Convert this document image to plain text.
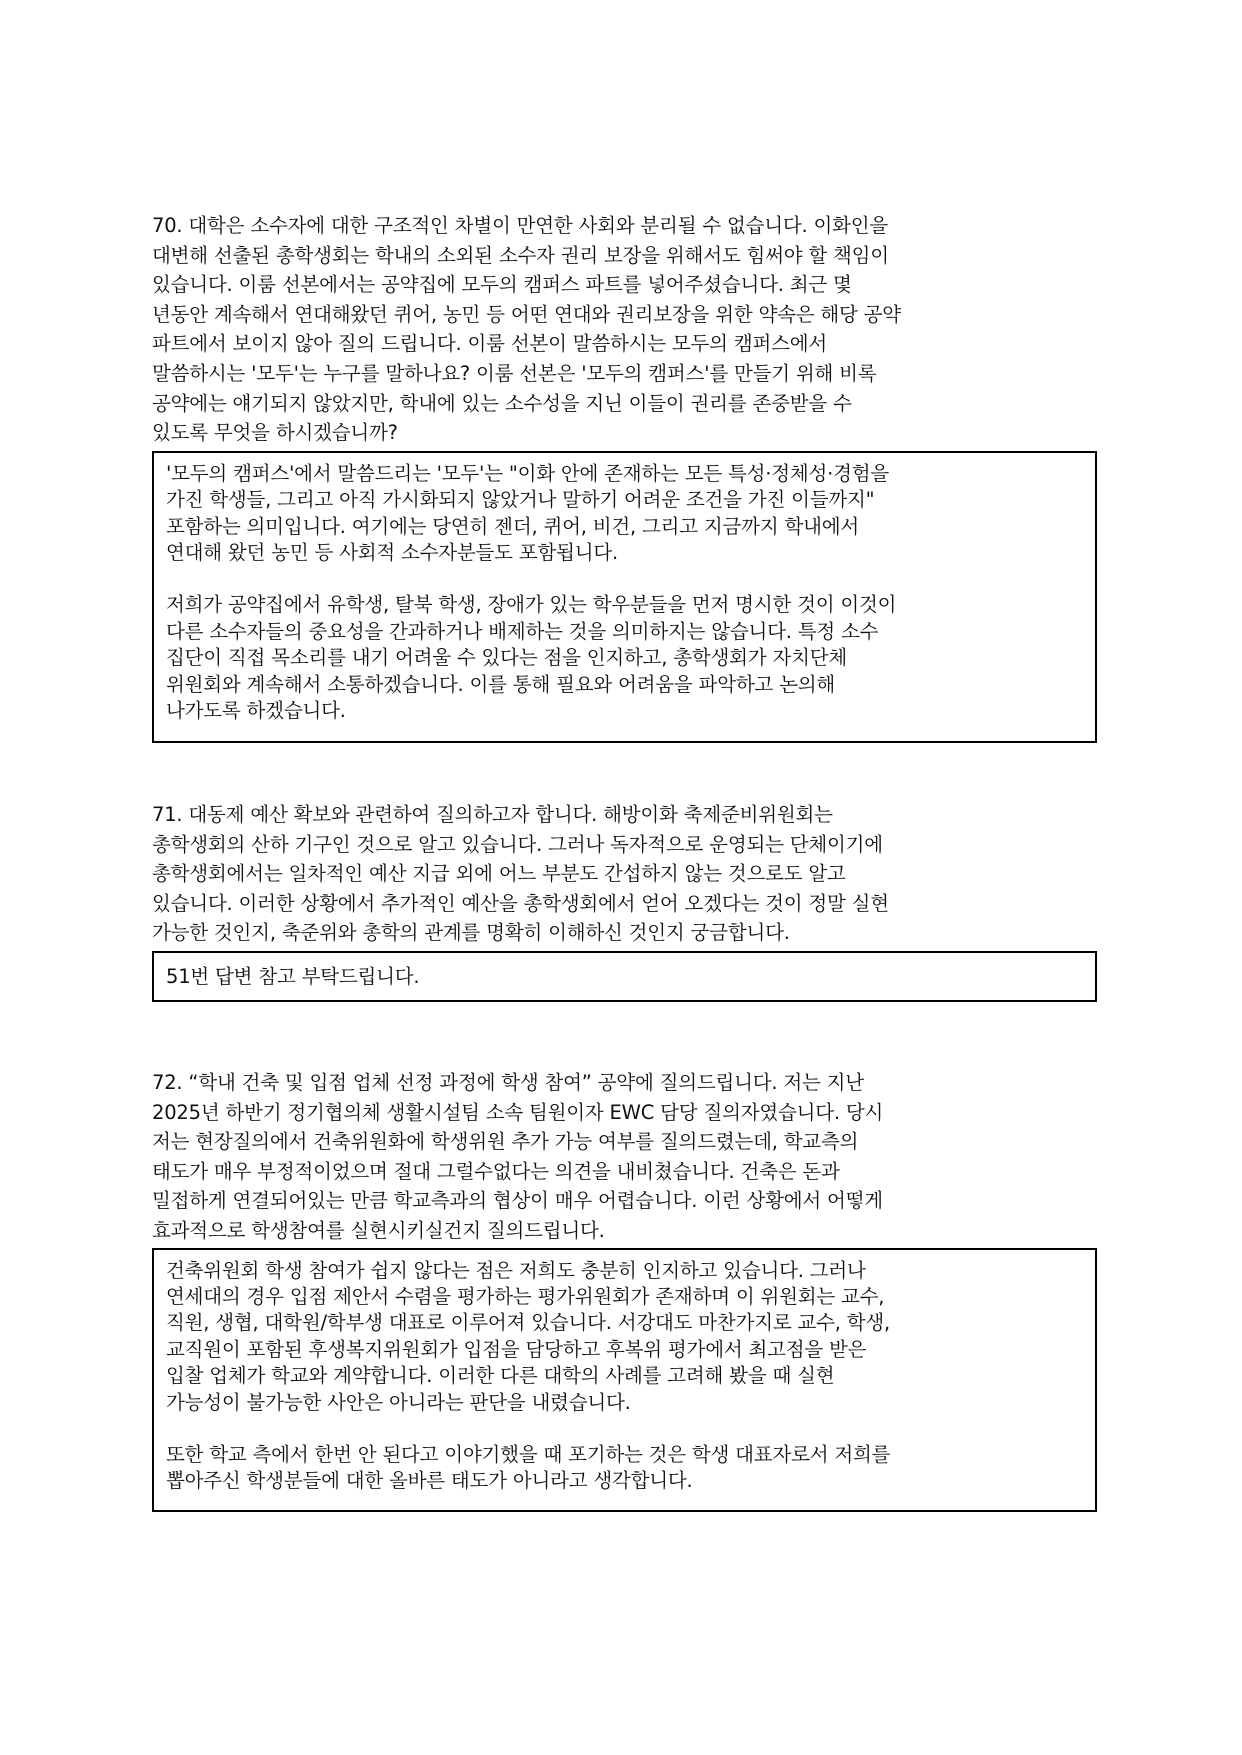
70. 대학은 소수자에 대한 구조적인 차별이 만연한 사회와 분리될 수 없습니다. 이화인을
대변해 선출된 총학생회는 학내의 소외된 소수자 권리 보장을 위해서도 힘써야 할 책임이
있습니다. 이룸 선본에서는 공약집에 모두의 캠퍼스 파트를 넣어주셨습니다. 최근 몇
년동안 계속해서 연대해왔던 퀴어, 농민 등 어떤 연대와 권리보장을 위한 약속은 해당 공약
파트에서 보이지 않아 질의 드립니다. 이룸 선본이 말씀하시는 모두의 캠퍼스에서
말씀하시는 '모두'는 누구를 말하나요? 이룸 선본은 '모두의 캠퍼스'를 만들기 위해 비록
공약에는 얘기되지 않았지만, 학내에 있는 소수성을 지닌 이들이 권리를 존중받을 수
있도록 무엇을 하시겠습니까?
'모두의 캠퍼스'에서 말씀드리는 '모두'는 "이화 안에 존재하는 모든 특성·정체성·경험을
가진 학생들, 그리고 아직 가시화되지 않았거나 말하기 어려운 조건을 가진 이들까지"
포함하는 의미입니다. 여기에는 당연히 젠더, 퀴어, 비건, 그리고 지금까지 학내에서
연대해 왔던 농민 등 사회적 소수자분들도 포함됩니다.
저희가 공약집에서 유학생, 탈북 학생, 장애가 있는 학우분들을 먼저 명시한 것이 이것이
다른 소수자들의 중요성을 간과하거나 배제하는 것을 의미하지는 않습니다. 특정 소수
집단이 직접 목소리를 내기 어려울 수 있다는 점을 인지하고, 총학생회가 자치단체
위원회와 계속해서 소통하겠습니다. 이를 통해 필요와 어려움을 파악하고 논의해
나가도록 하겠습니다.
71. 대동제 예산 확보와 관련하여 질의하고자 합니다. 해방이화 축제준비위원회는
총학생회의 산하 기구인 것으로 알고 있습니다. 그러나 독자적으로 운영되는 단체이기에
총학생회에서는 일차적인 예산 지급 외에 어느 부분도 간섭하지 않는 것으로도 알고
있습니다. 이러한 상황에서 추가적인 예산을 총학생회에서 얻어 오겠다는 것이 정말 실현
가능한 것인지, 축준위와 총학의 관계를 명확히 이해하신 것인지 궁금합니다.
51번 답변 참고 부탁드립니다.
72. “학내 건축 및 입점 업체 선정 과정에 학생 참여” 공약에 질의드립니다. 저는 지난
2025년 하반기 정기협의체 생활시설팀 소속 팀원이자 EWC 담당 질의자였습니다. 당시
저는 현장질의에서 건축위원화에 학생위원 추가 가능 여부를 질의드렸는데, 학교측의
태도가 매우 부정적이었으며 절대 그럴수없다는 의견을 내비쳤습니다. 건축은 돈과
밀접하게 연결되어있는 만큼 학교측과의 협상이 매우 어렵습니다. 이런 상황에서 어떻게
효과적으로 학생참여를 실현시키실건지 질의드립니다.
건축위원회 학생 참여가 쉽지 않다는 점은 저희도 충분히 인지하고 있습니다. 그러나
연세대의 경우 입점 제안서 수렴을 평가하는 평가위원회가 존재하며 이 위원회는 교수,
직원, 생협, 대학원/학부생 대표로 이루어져 있습니다. 서강대도 마찬가지로 교수, 학생,
교직원이 포함된 후생복지위원회가 입점을 담당하고 후복위 평가에서 최고점을 받은
입찰 업체가 학교와 계약합니다. 이러한 다른 대학의 사례를 고려해 봤을 때 실현
가능성이 불가능한 사안은 아니라는 판단을 내렸습니다.
또한 학교 측에서 한번 안 된다고 이야기했을 때 포기하는 것은 학생 대표자로서 저희를
뽑아주신 학생분들에 대한 올바른 태도가 아니라고 생각합니다.
